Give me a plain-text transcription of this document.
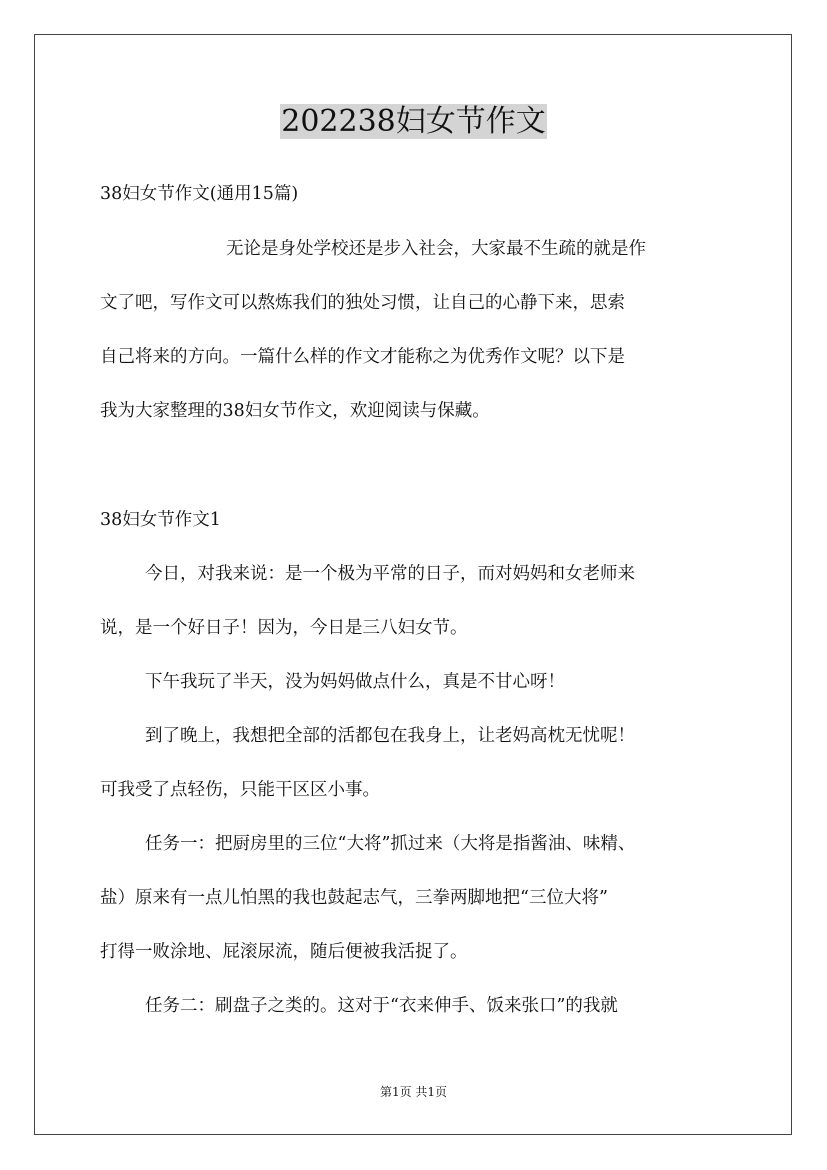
202238妇女节作文

38妇女节作文(通用15篇)

无论是身处学校还是步入社会，大家最不生疏的就是作

文了吧，写作文可以熬炼我们的独处习惯，让自己的心静下来，思索

自己将来的方向。一篇什么样的作文才能称之为优秀作文呢？以下是

我为大家整理的38妇女节作文，欢迎阅读与保藏。

38妇女节作文1

今日，对我来说：是一个极为平常的日子，而对妈妈和女老师来

说，是一个好日子！因为，今日是三八妇女节。

下午我玩了半天，没为妈妈做点什么，真是不甘心呀！

到了晚上，我想把全部的活都包在我身上，让老妈高枕无忧呢！

可我受了点轻伤，只能干区区小事。

任务一：把厨房里的三位“大将”抓过来（大将是指酱油、味精、

盐）原来有一点儿怕黑的我也鼓起志气，三拳两脚地把“三位大将”

打得一败涂地、屁滚尿流，随后便被我活捉了。

任务二：刷盘子之类的。这对于“衣来伸手、饭来张口”的我就

第1页 共1页
